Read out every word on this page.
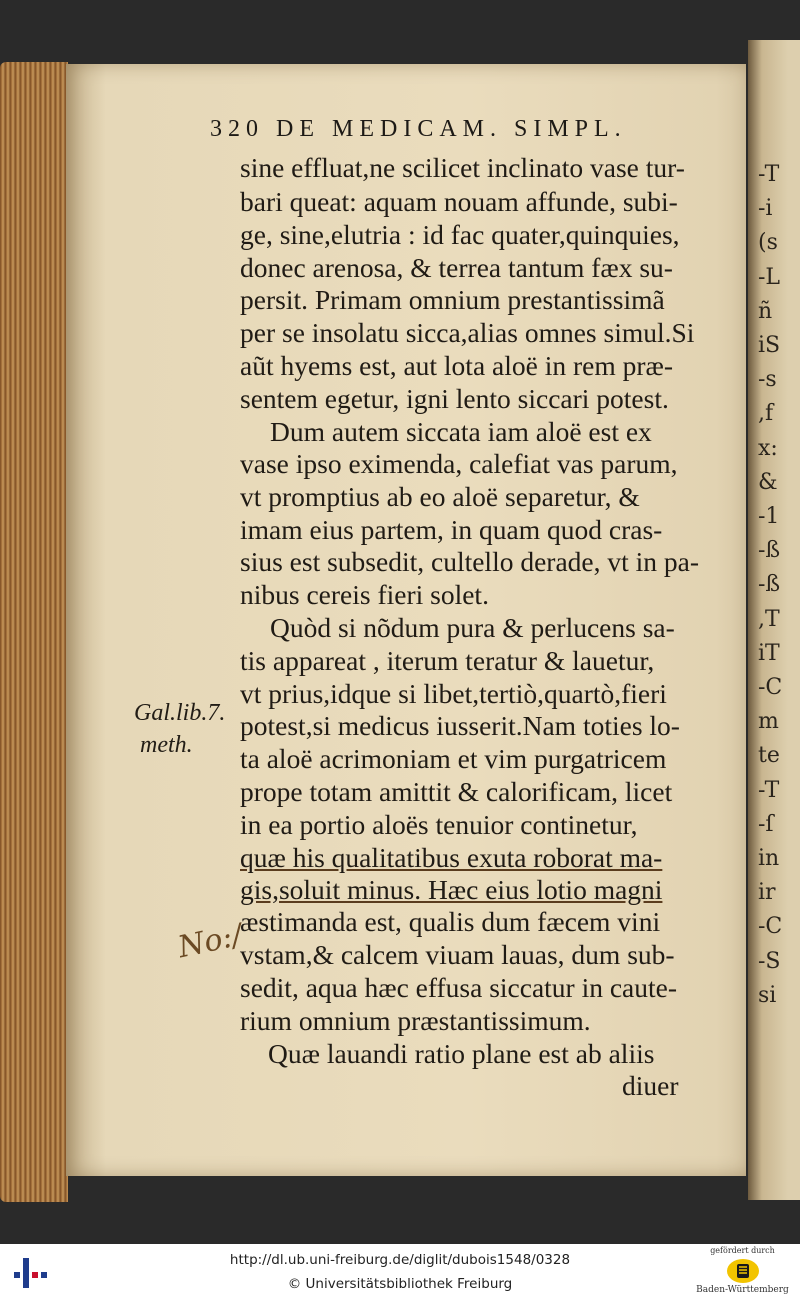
-T
-i
(s
-L
ñ
iS
-s
,f
x:
&
-1
-ß
-ß
,T
iT
-C
m
te
-T
-ſ
in
ir
-C
-S
si
320 DE MEDICAM. SIMPL.
sine effluat,ne scilicet inclinato vase tur-
bari queat: aquam nouam affunde, subi-
ge, sine,elutria : id fac quater,quinquies,
donec arenosa, & terrea tantum fæx su-
persit. Primam omnium prestantissimã
per se insolatu sicca,alias omnes simul.Si
aũt hyems est, aut lota aloë in rem præ-
sentem egetur, igni lento siccari potest.
Dum autem siccata iam aloë est ex
vase ipso eximenda, calefiat vas parum,
vt promptius ab eo aloë separetur, &
imam eius partem, in quam quod cras-
sius est subsedit, cultello derade, vt in pa-
nibus cereis fieri solet.
Quòd si nõdum pura & perlucens sa-
tis appareat , iterum teratur & lauetur,
vt prius,idque si libet,tertiò,quartò,fieri
potest,si medicus iusserit.Nam toties lo-
ta aloë acrimoniam et vim purgatricem
prope totam amittit & calorificam, licet
in ea portio aloës tenuior continetur,
quæ his qualitatibus exuta roborat ma-
gis,soluit minus. Hæc eius lotio magni
æstimanda est, qualis dum fæcem vini
vstam,& calcem viuam lauas, dum sub-
sedit, aqua hæc effusa siccatur in caute-
rium omnium præstantissimum.
Quæ lauandi ratio plane est ab aliis
diuer
Gal.lib.7.
meth.
No:/
http://dl.ub.uni-freiburg.de/diglit/dubois1548/0328
© Universitätsbibliothek Freiburg
gefördert durch
Baden-Württemberg
